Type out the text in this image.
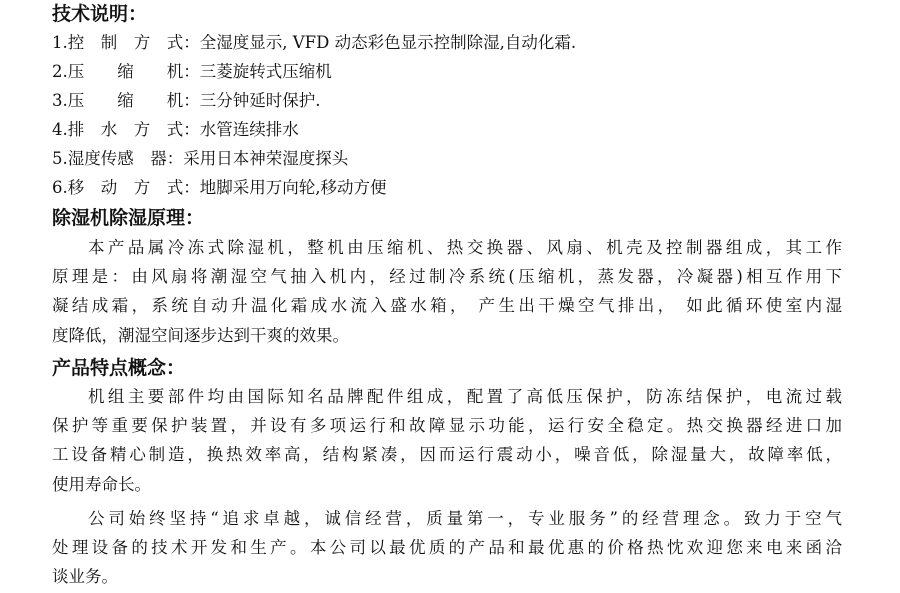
技术说明：

1.控　制　方　式：全湿度显示, VFD 动态彩色显示控制除湿,自动化霜.

2.压　　缩　　机：三菱旋转式压缩机

3.压　　缩　　机：三分钟延时保护.

4.排　水　方　式：水管连续排水

5.湿度传感　器：采用日本神荣湿度探头

6.移　动　方　式：地脚采用万向轮,移动方便

除湿机除湿原理：

本产品属冷冻式除湿机，整机由压缩机、热交换器、风扇、机壳及控制器组成，其工作

原理是：由风扇将潮湿空气抽入机内，经过制冷系统(压缩机，蒸发器，冷凝器)相互作用下

凝结成霜，系统自动升温化霜成水流入盛水箱， 产生出干燥空气排出， 如此循环使室内湿

度降低，潮湿空间逐步达到干爽的效果。

产品特点概念：

机组主要部件均由国际知名品牌配件组成，配置了高低压保护，防冻结保护，电流过载

保护等重要保护装置，并设有多项运行和故障显示功能，运行安全稳定。热交换器经进口加

工设备精心制造，换热效率高，结构紧凑，因而运行震动小，噪音低，除湿量大，故障率低，

使用寿命长。

公司始终坚持“追求卓越，诚信经营，质量第一，专业服务”的经营理念。致力于空气

处理设备的技术开发和生产。本公司以最优质的产品和最优惠的价格热忱欢迎您来电来函洽

谈业务。
